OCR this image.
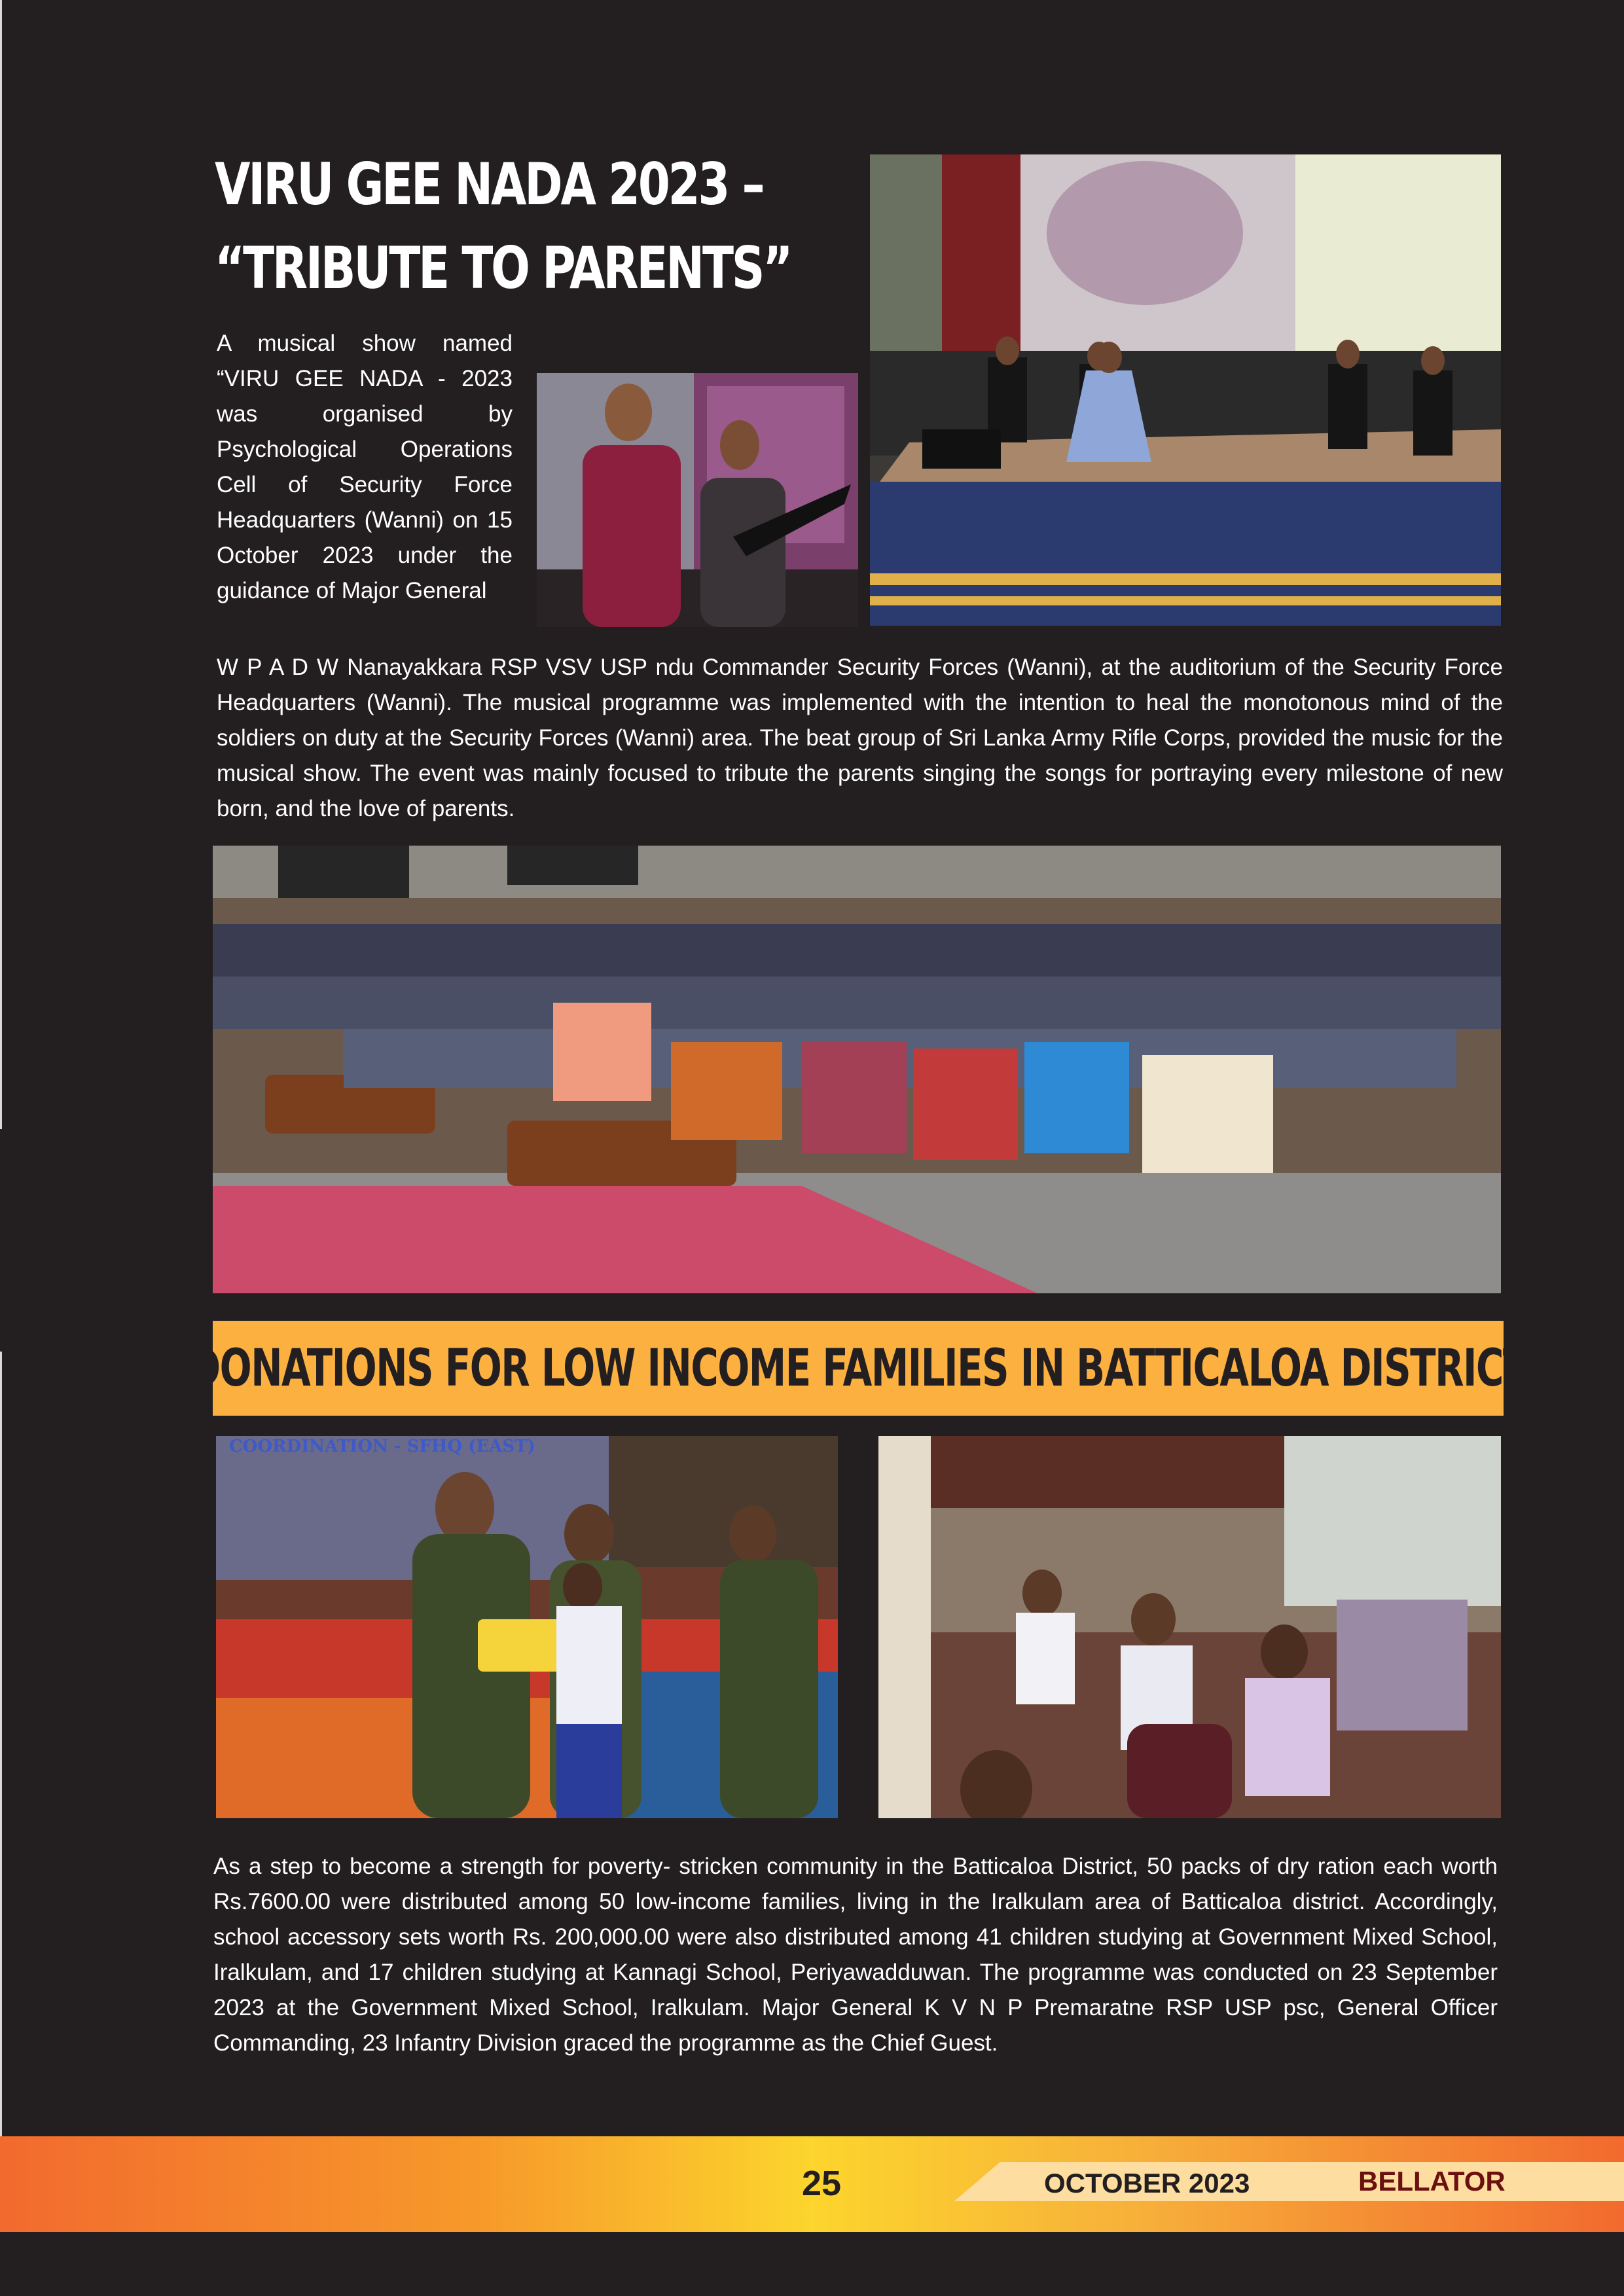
VIRU GEE NADA 2023 –
“TRIBUTE TO PARENTS”

A musical show named “VIRU GEE NADA - 2023 was organised by Psychological Operations Cell of Security Force Headquarters (Wanni) on 15 October 2023 under the guidance of Major General

W P A D W Nanayakkara RSP VSV USP ndu Commander Security Forces (Wanni), at the auditorium of the Security Force Headquarters (Wanni). The musical programme was implemented with the intention to heal the monotonous mind of the soldiers on duty at the Security Forces (Wanni) area. The beat group of Sri Lanka Army Rifle Corps, provided the music for the musical show. The event was mainly focused to tribute the parents singing the songs for portraying every milestone of new born, and the love of parents.

DONATIONS FOR LOW INCOME FAMILIES IN BATTICALOA DISTRICT
COORDINATION - SFHQ (EAST)

As a step to become a strength for poverty- stricken community in the Batticaloa District, 50 packs of dry ration each worth Rs.7600.00 were distributed among 50 low-income families, living in the Iralkulam area of Batticaloa district. Accordingly, school accessory sets worth Rs. 200,000.00 were also distributed among 41 children studying at Government Mixed School, Iralkulam, and 17 children studying at Kannagi School, Periyawadduwan. The programme was conducted on 23 September 2023 at the Government Mixed School, Iralkulam. Major General K V N P Premaratne RSP USP psc, General Officer Commanding, 23 Infantry Division graced the programme as the Chief Guest.

25	OCTOBER 2023	BELLATOR
